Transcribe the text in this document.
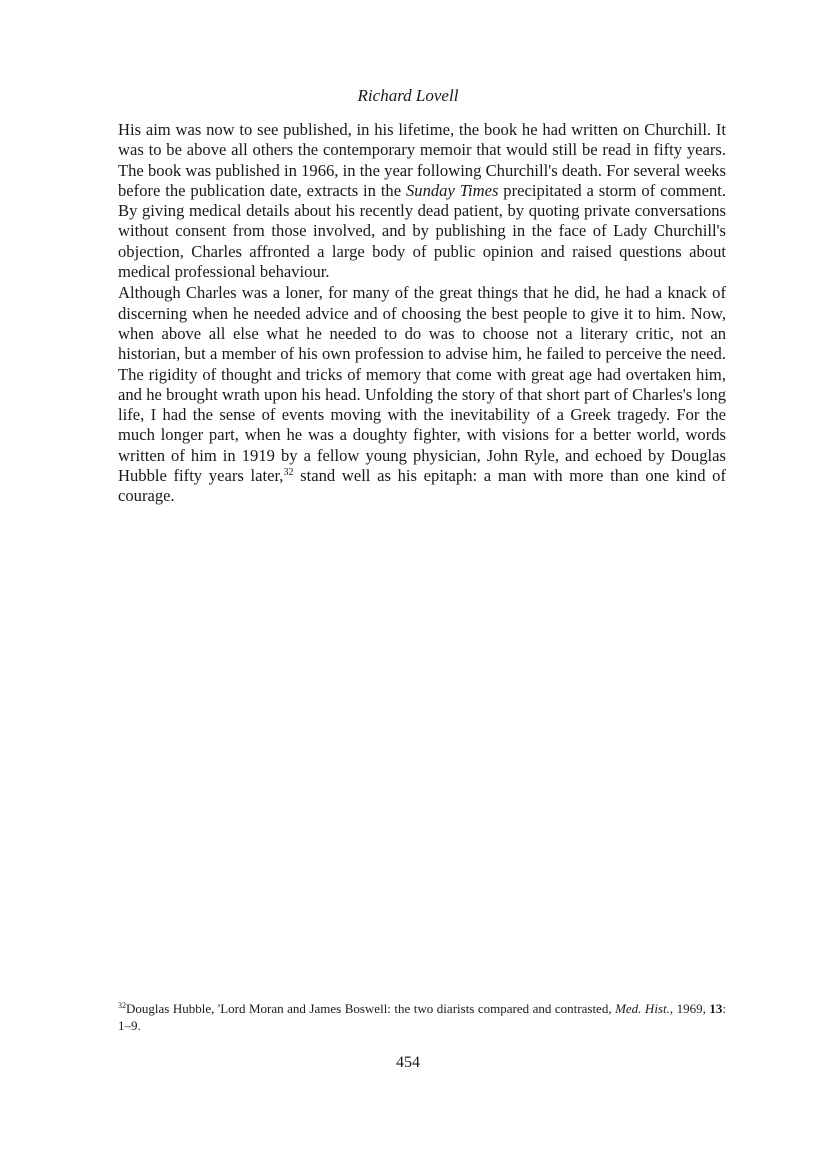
Richard Lovell

His aim was now to see published, in his lifetime, the book he had written on Churchill. It was to be above all others the contemporary memoir that would still be read in fifty years. The book was published in 1966, in the year following Churchill's death. For several weeks before the publication date, extracts in the Sunday Times precipitated a storm of comment. By giving medical details about his recently dead patient, by quoting private conversations without consent from those involved, and by publishing in the face of Lady Churchill's objection, Charles affronted a large body of public opinion and raised questions about medical professional behaviour.

Although Charles was a loner, for many of the great things that he did, he had a knack of discerning when he needed advice and of choosing the best people to give it to him. Now, when above all else what he needed to do was to choose not a literary critic, not an historian, but a member of his own profession to advise him, he failed to perceive the need. The rigidity of thought and tricks of memory that come with great age had overtaken him, and he brought wrath upon his head. Unfolding the story of that short part of Charles's long life, I had the sense of events moving with the inevitability of a Greek tragedy. For the much longer part, when he was a doughty fighter, with visions for a better world, words written of him in 1919 by a fellow young physician, John Ryle, and echoed by Douglas Hubble fifty years later,$^{32}$ stand well as his epitaph: a man with more than one kind of courage.

$^{32}$Douglas Hubble, 'Lord Moran and James Boswell: the two diarists compared and contrasted, Med. Hist., 1969, 13: 1–9.
454
